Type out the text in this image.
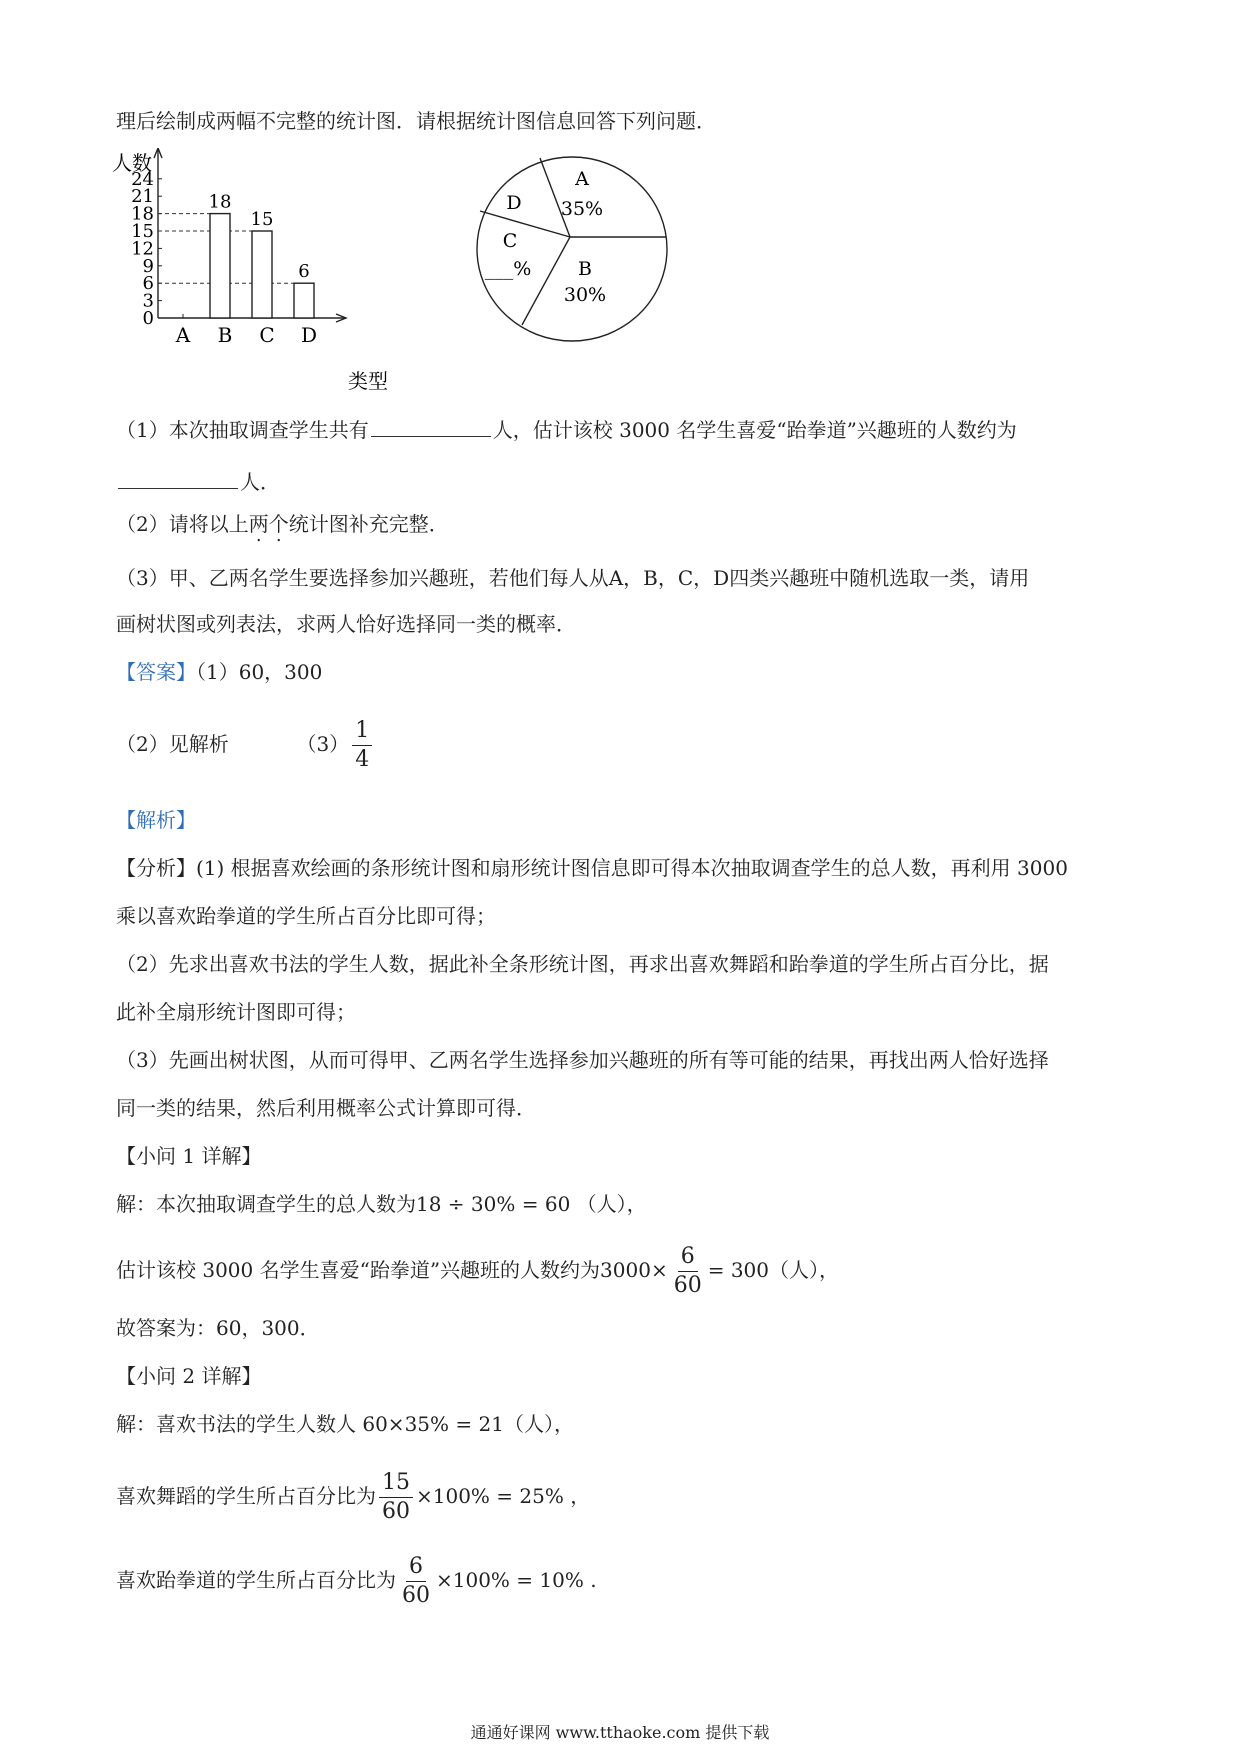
理后绘制成两幅不完整的统计图．请根据统计图信息回答下列问题．
人数
类型
0
3
6
9
12
15
18
21
24
A B
18
C
15
D
6
A
35%
B
30%
C
___%
D
（1）本次抽取调查学生共有	人，估计该校 3000 名学生喜爱“跆拳道”兴趣班的人数约为
人．
（2）请将以上两个统计图补充完整．
（3）甲、乙两名学生要选择参加兴趣班，若他们每人从A，B，C，D四类兴趣班中随机选取一类，请用
画树状图或列表法，求两人恰好选择同一类的概率．
【答案】（1）60，300
（2）见解析	$(3) \frac{1}{4}$
【解析】
【分析】(1) 根据喜欢绘画的条形统计图和扇形统计图信息即可得本次抽取调查学生的总人数，再利用 3000
乘以喜欢跆拳道的学生所占百分比即可得；
（2）先求出喜欢书法的学生人数，据此补全条形统计图，再求出喜欢舞蹈和跆拳道的学生所占百分比，据
此补全扇形统计图即可得；
（3）先画出树状图，从而可得甲、乙两名学生选择参加兴趣班的所有等可能的结果，再找出两人恰好选择
同一类的结果，然后利用概率公式计算即可得．
【小问 1 详解】
解：本次抽取调查学生的总人数为18 ÷ 30% = 60 （人），
估计该校 3000 名学生喜爱“跆拳道”兴趣班的人数约为$3000\times \frac{6}{60} = 300$（人），
故答案为：60，300．
【小问 2 详解】
解：喜欢书法的学生人数人 60×35% = 21（人），
喜欢舞蹈的学生所占百分比为 $\frac{15}{60} \times 100\% = 25\%$ ，
喜欢跆拳道的学生所占百分比为 $\frac{6}{60} \times 100\% = 10\%$ .
通通好课网 www.tthaoke.com 提供下载
